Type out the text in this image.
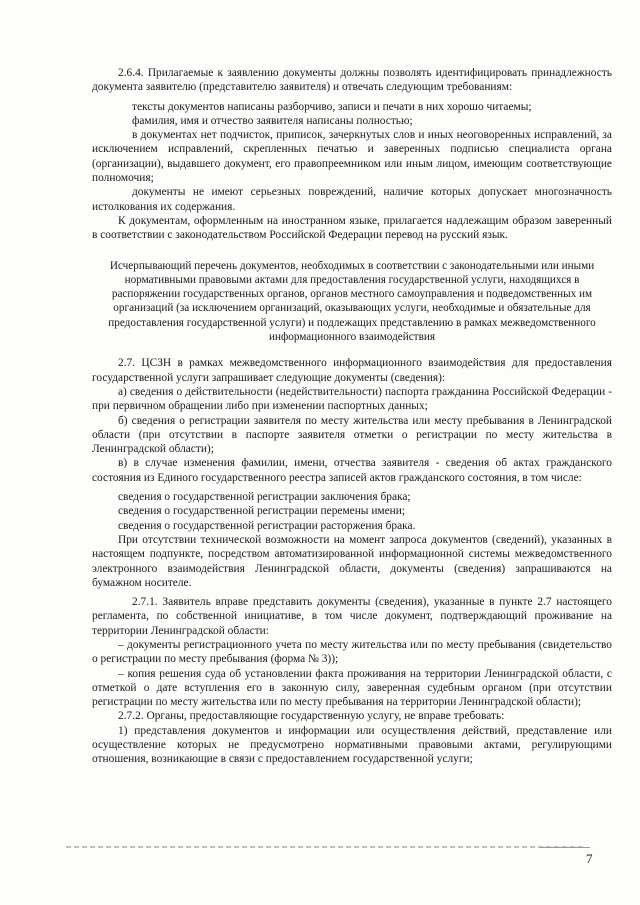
2.6.4. Прилагаемые к заявлению документы должны позволять идентифицировать принадлежность документа заявителю (представителю заявителя) и отвечать следующим требованиям:

тексты документов написаны разборчиво, записи и печати в них хорошо читаемы;

фамилия, имя и отчество заявителя написаны полностью;

в документах нет подчисток, приписок, зачеркнутых слов и иных неоговоренных исправлений, за исключением исправлений, скрепленных печатью и заверенных подписью специалиста органа (организации), выдавшего документ, его правопреемником или иным лицом, имеющим соответствующие полномочия;

документы не имеют серьезных повреждений, наличие которых допускает многозначность истолкования их содержания.

К документам, оформленным на иностранном языке, прилагается надлежащим образом заверенный в соответствии с законодательством Российской Федерации перевод на русский язык.

Исчерпывающий перечень документов, необходимых в соответствии с законодательными или иными нормативными правовыми актами для предоставления государственной услуги, находящихся в распоряжении государственных органов, органов местного самоуправления и подведомственных им организаций (за исключением организаций, оказывающих услуги, необходимые и обязательные для предоставления государственной услуги) и подлежащих представлению в рамках межведомственного информационного взаимодействия

2.7. ЦСЗН в рамках межведомственного информационного взаимодействия для предоставления государственной услуги запрашивает следующие документы (сведения):

а) сведения о действительности (недействительности) паспорта гражданина Российской Федерации - при первичном обращении либо при изменении паспортных данных;

б) сведения о регистрации заявителя по месту жительства или месту пребывания в Ленинградской области (при отсутствии в паспорте заявителя отметки о регистрации по месту жительства в Ленинградской области);

в) в случае изменения фамилии, имени, отчества заявителя - сведения об актах гражданского состояния из Единого государственного реестра записей актов гражданского состояния, в том числе:

сведения о государственной регистрации заключения брака;

сведения о государственной регистрации перемены имени;

сведения о государственной регистрации расторжения брака.

При отсутствии технической возможности на момент запроса документов (сведений), указанных в настоящем подпункте, посредством автоматизированной информационной системы межведомственного электронного взаимодействия Ленинградской области, документы (сведения) запрашиваются на бумажном носителе.

2.7.1. Заявитель вправе представить документы (сведения), указанные в пункте 2.7 настоящего регламента, по собственной инициативе, в том числе документ, подтверждающий проживание на территории Ленинградской области:

– документы регистрационного учета по месту жительства или по месту пребывания (свидетельство о регистрации по месту пребывания (форма № 3));

– копия решения суда об установлении факта проживания на территории Ленинградской области, с отметкой о дате вступления его в законную силу, заверенная судебным органом (при отсутствии регистрации по месту жительства или по месту пребывания на территории Ленинградской области);

2.7.2. Органы, предоставляющие государственную услугу, не вправе требовать:

1) представления документов и информации или осуществления действий, представление или осуществление которых не предусмотрено нормативными правовыми актами, регулирующими отношения, возникающие в связи с предоставлением государственной услуги;

7
